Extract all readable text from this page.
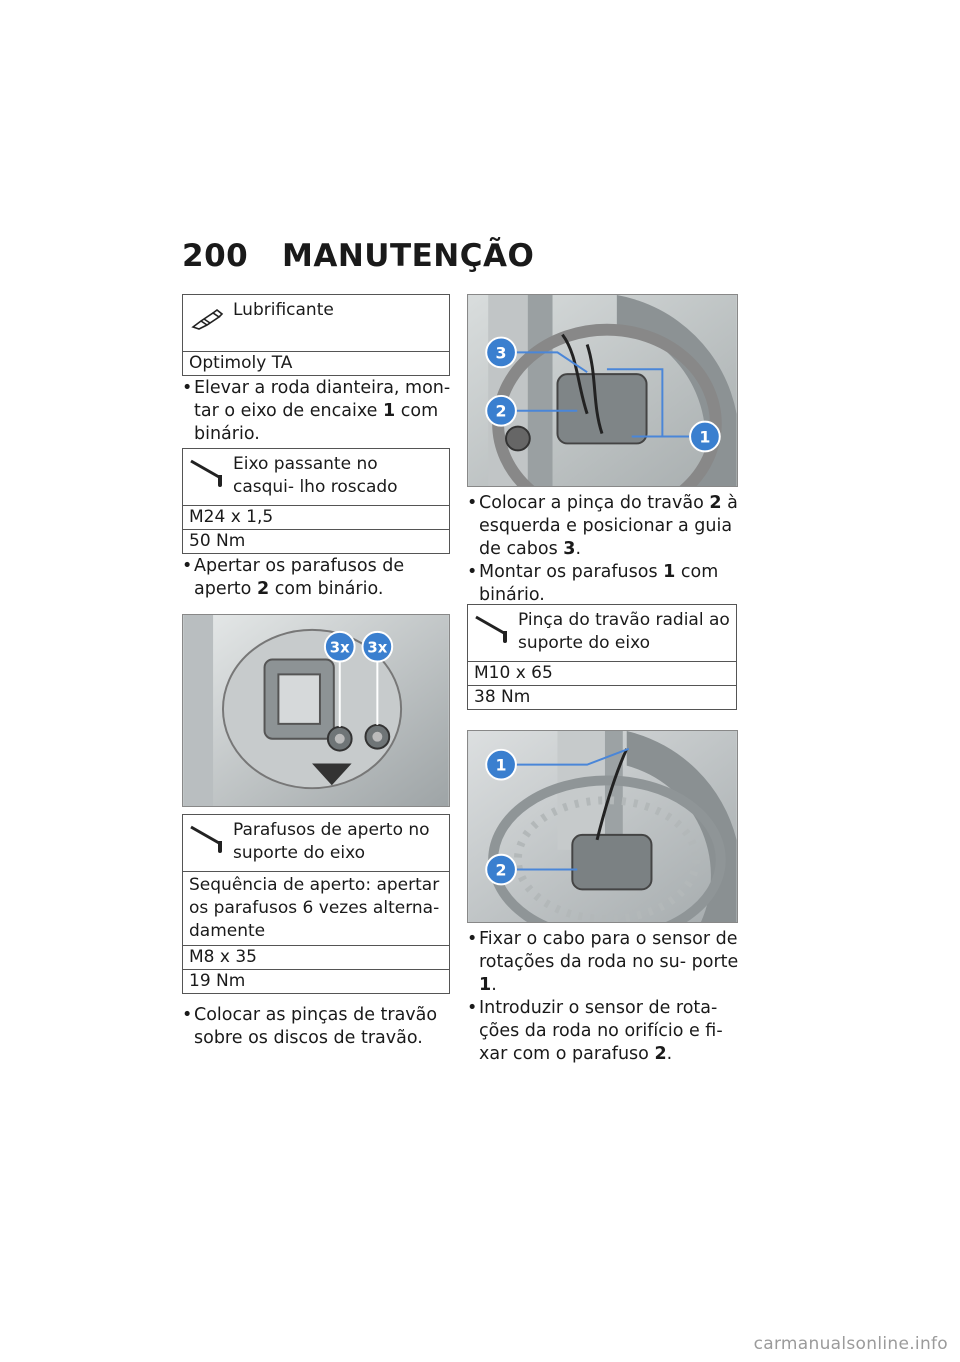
200 MANUTENÇÃO
Lubrificante
Optimoly TA
• Elevar a roda dianteira, mon- tar o eixo de encaixe 1 com binário.
Eixo passante no casqui- lho roscado
M24 x 1,5
50 Nm
• Apertar os parafusos de aperto 2 com binário.
3x 3x
Parafusos de aperto no suporte do eixo
Sequência de aperto: apertar os parafusos 6 vezes alterna- damente
M8 x 35
19 Nm
• Colocar as pinças de travão sobre os discos de travão.
3
2
1
• Colocar a pinça do travão 2 à esquerda e posicionar a guia de cabos 3.
• Montar os parafusos 1 com binário.
Pinça do travão radial ao suporte do eixo
M10 x 65
38 Nm
1
2
• Fixar o cabo para o sensor de rotações da roda no su- porte 1.
• Introduzir o sensor de rota- ções da roda no orifício e fi- xar com o parafuso 2.
carmanualsonline.info
